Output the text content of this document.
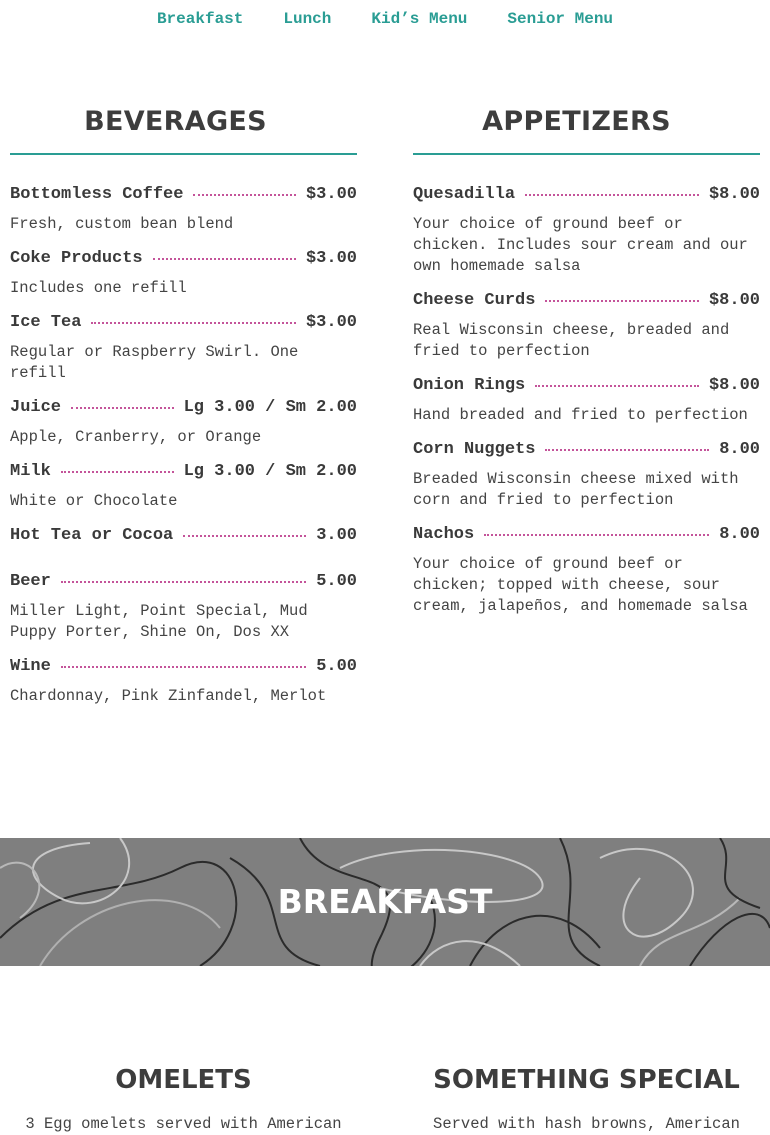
Breakfast	Lunch	Kid’s Menu	Senior Menu
BEVERAGES
Bottomless Coffee	$3.00
Fresh, custom bean blend
Coke Products	$3.00
Includes one refill
Ice Tea	$3.00
Regular or Raspberry Swirl. One refill
Juice	Lg 3.00 / Sm 2.00
Apple, Cranberry, or Orange
Milk	Lg 3.00 / Sm 2.00
White or Chocolate
Hot Tea or Cocoa	3.00
Beer	5.00
Miller Light, Point Special, Mud Puppy Porter, Shine On, Dos XX
Wine	5.00
Chardonnay, Pink Zinfandel, Merlot
APPETIZERS
Quesadilla	$8.00
Your choice of ground beef or chicken. Includes sour cream and our own homemade salsa
Cheese Curds	$8.00
Real Wisconsin cheese, breaded and fried to perfection
Onion Rings	$8.00
Hand breaded and fried to perfection
Corn Nuggets	8.00
Breaded Wisconsin cheese mixed with corn and fried to perfection
Nachos	8.00
Your choice of ground beef or chicken; topped with cheese, sour cream, jalapeños, and homemade salsa
BREAKFAST
OMELETS	SOMETHING SPECIAL
3 Egg omelets served with American	Served with hash browns, American
